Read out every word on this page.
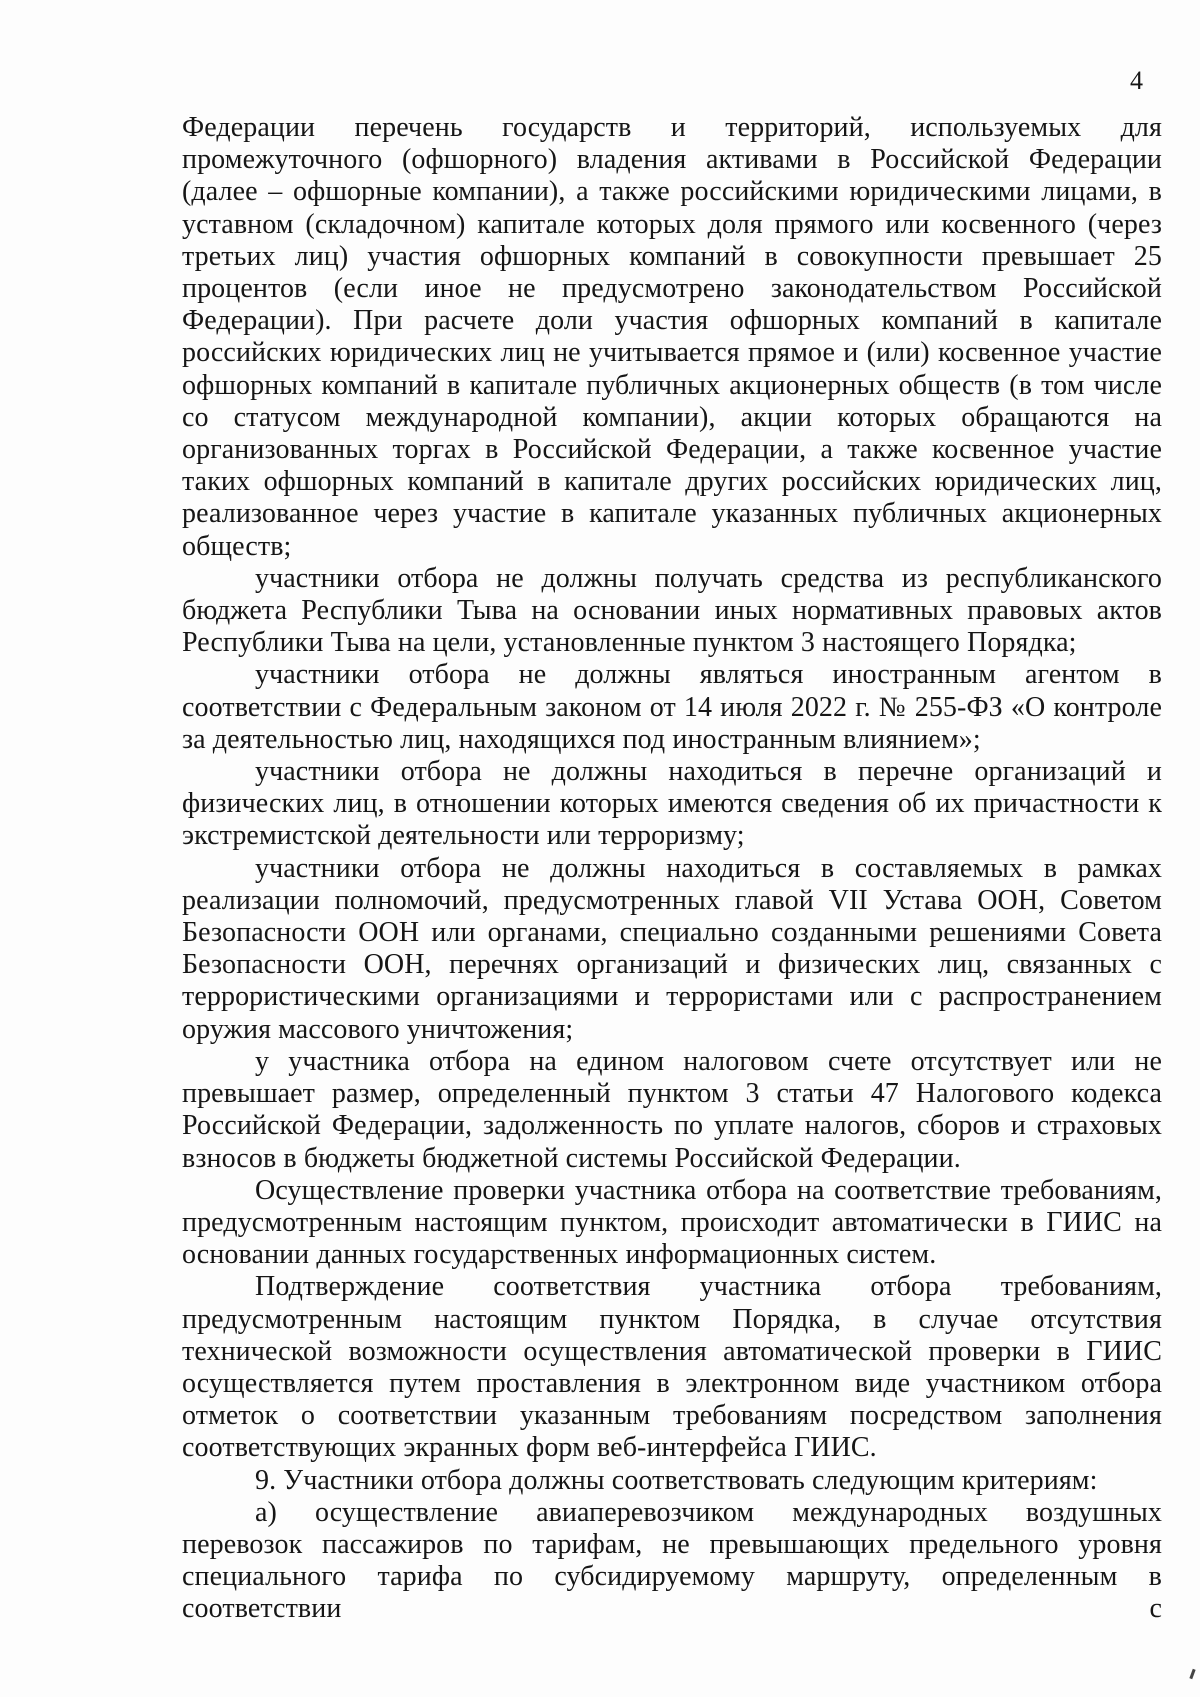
4

Федерации перечень государств и территорий, используемых для промежуточного (офшорного) владения активами в Российской Федерации (далее – офшорные компании), а также российскими юридическими лицами, в уставном (складочном) капитале которых доля прямого или косвенного (через третьих лиц) участия офшорных компаний в совокупности превышает 25 процентов (если иное не предусмотрено законодательством Российской Федерации). При расчете доли участия офшорных компаний в капитале российских юридических лиц не учитывается прямое и (или) косвенное участие офшорных компаний в капитале публичных акционерных обществ (в том числе со статусом международной компании), акции которых обращаются на организованных торгах в Российской Федерации, а также косвенное участие таких офшорных компаний в капитале других российских юридических лиц, реализованное через участие в капитале указанных публичных акционерных обществ;

участники отбора не должны получать средства из республиканского бюджета Республики Тыва на основании иных нормативных правовых актов Республики Тыва на цели, установленные пунктом 3 настоящего Порядка;

участники отбора не должны являться иностранным агентом в соответствии с Федеральным законом от 14 июля 2022 г. № 255-ФЗ «О контроле за деятельностью лиц, находящихся под иностранным влиянием»;

участники отбора не должны находиться в перечне организаций и физических лиц, в отношении которых имеются сведения об их причастности к экстремистской деятельности или терроризму;

участники отбора не должны находиться в составляемых в рамках реализации полномочий, предусмотренных главой VII Устава ООН, Советом Безопасности ООН или органами, специально созданными решениями Совета Безопасности ООН, перечнях организаций и физических лиц, связанных с террористическими организациями и террористами или с распространением оружия массового уничтожения;

у участника отбора на едином налоговом счете отсутствует или не превышает размер, определенный пунктом 3 статьи 47 Налогового кодекса Российской Федерации, задолженность по уплате налогов, сборов и страховых взносов в бюджеты бюджетной системы Российской Федерации.

Осуществление проверки участника отбора на соответствие требованиям, предусмотренным настоящим пунктом, происходит автоматически в ГИИС на основании данных государственных информационных систем.

Подтверждение соответствия участника отбора требованиям, предусмотренным настоящим пунктом Порядка, в случае отсутствия технической возможности осуществления автоматической проверки в ГИИС осуществляется путем проставления в электронном виде участником отбора отметок о соответствии указанным требованиям посредством заполнения соответствующих экранных форм веб-интерфейса ГИИС.

9. Участники отбора должны соответствовать следующим критериям:

а) осуществление авиаперевозчиком международных воздушных перевозок пассажиров по тарифам, не превышающих предельного уровня специального тарифа по субсидируемому маршруту, определенным в соответствии с
